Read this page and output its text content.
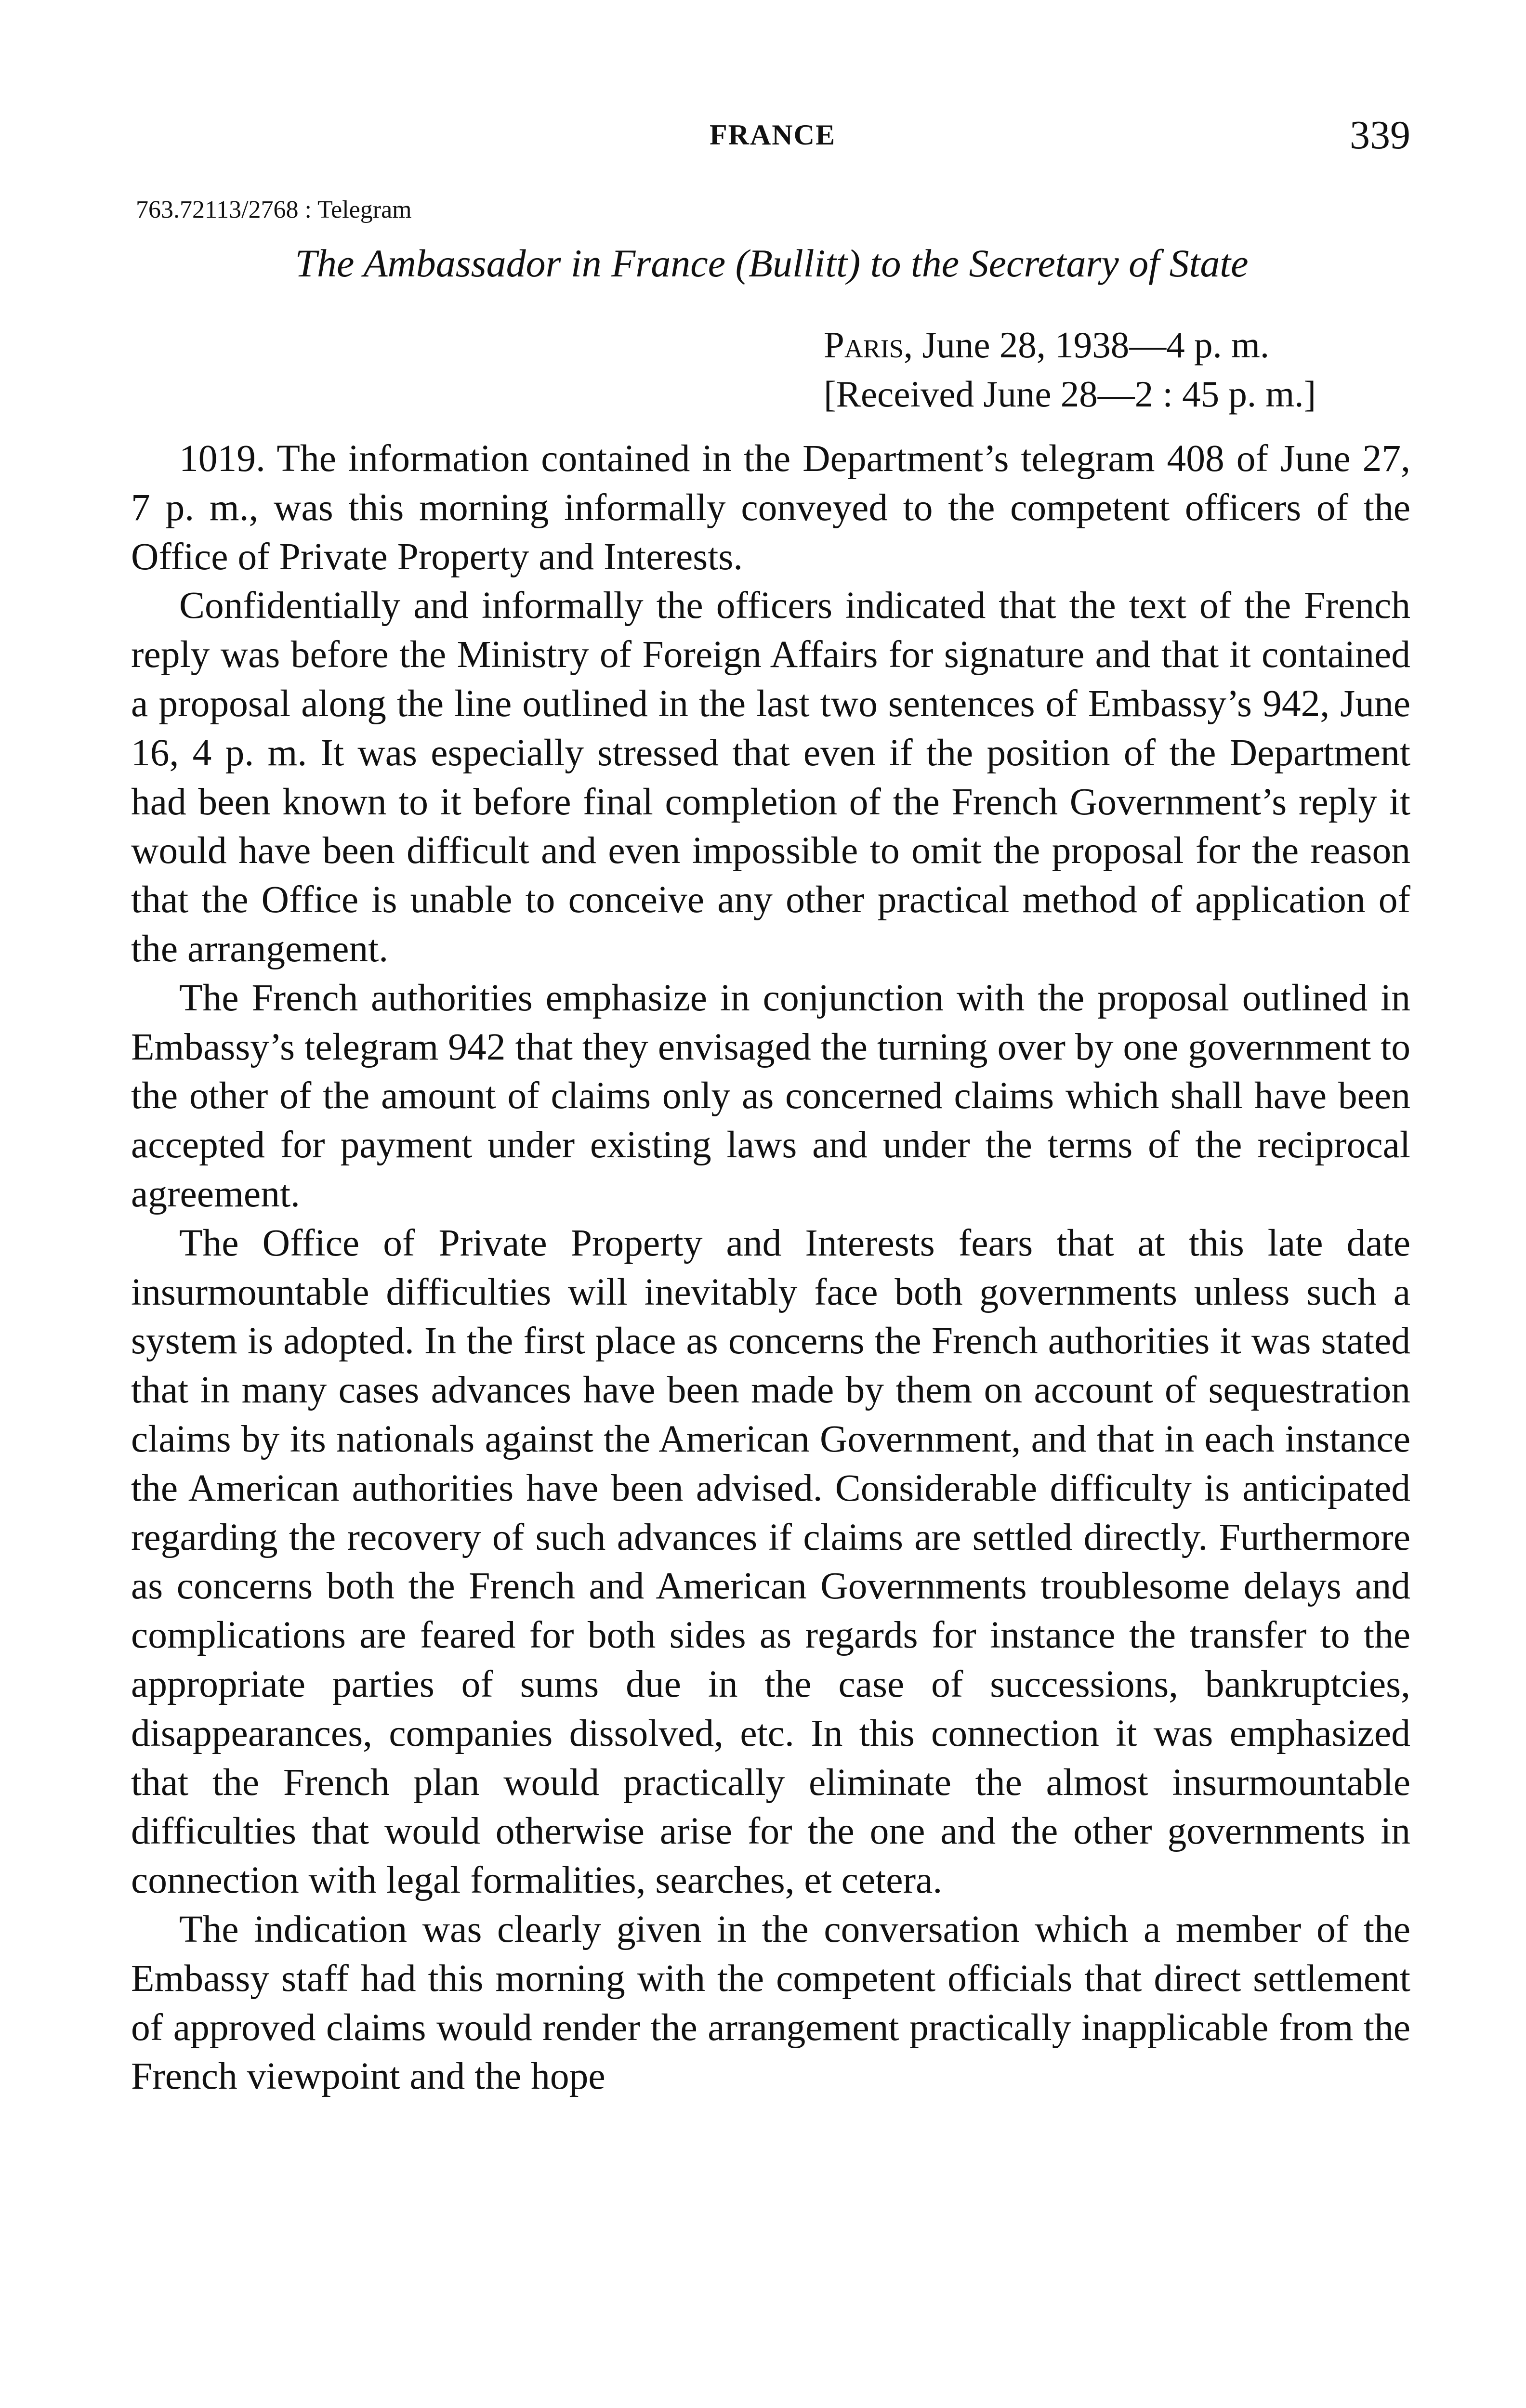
FRANCE	339
763.72113/2768 : Telegram
The Ambassador in France (Bullitt) to the Secretary of State
Paris, June 28, 1938—4 p. m.
[Received June 28—2 : 45 p. m.]

1019. The information contained in the Department’s telegram 408 of June 27, 7 p. m., was this morning informally conveyed to the competent officers of the Office of Private Property and Interests.

Confidentially and informally the officers indicated that the text of the French reply was before the Ministry of Foreign Affairs for signature and that it contained a proposal along the line outlined in the last two sentences of Embassy’s 942, June 16, 4 p. m. It was especially stressed that even if the position of the Department had been known to it before final completion of the French Government’s reply it would have been difficult and even impossible to omit the proposal for the reason that the Office is unable to conceive any other practical method of application of the arrangement.

The French authorities emphasize in conjunction with the proposal outlined in Embassy’s telegram 942 that they envisaged the turning over by one government to the other of the amount of claims only as concerned claims which shall have been accepted for payment under existing laws and under the terms of the reciprocal agreement.

The Office of Private Property and Interests fears that at this late date insurmountable difficulties will inevitably face both governments unless such a system is adopted. In the first place as concerns the French authorities it was stated that in many cases advances have been made by them on account of sequestration claims by its nationals against the American Government, and that in each instance the American authorities have been advised. Considerable difficulty is anticipated regarding the recovery of such advances if claims are settled directly. Furthermore as concerns both the French and American Governments troublesome delays and complications are feared for both sides as regards for instance the transfer to the appropriate parties of sums due in the case of successions, bankruptcies, disappearances, companies dissolved, etc. In this connection it was emphasized that the French plan would practically eliminate the almost insurmountable difficulties that would otherwise arise for the one and the other governments in connection with legal formalities, searches, et cetera.

The indication was clearly given in the conversation which a member of the Embassy staff had this morning with the competent officials that direct settlement of approved claims would render the arrangement practically inapplicable from the French viewpoint and the hope
